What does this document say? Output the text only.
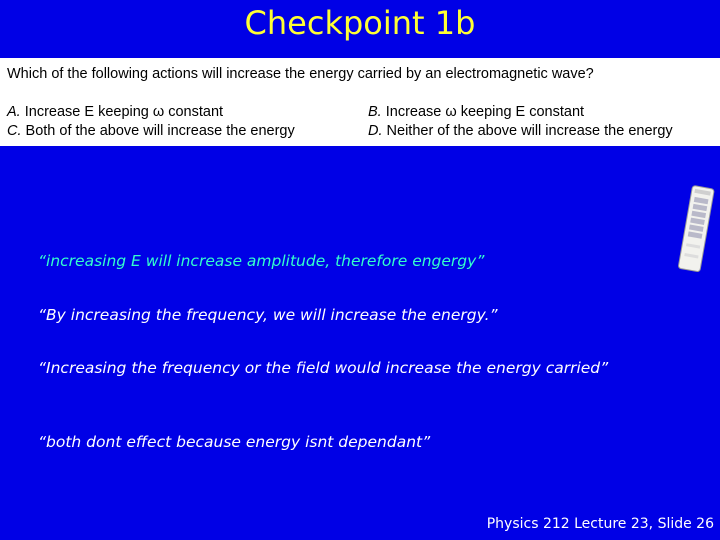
Checkpoint 1b
Which of the following actions will increase the energy carried by an electromagnetic wave?
A. Increase E keeping ω constant
C. Both of the above will increase the energy
B. Increase ω keeping E constant
D. Neither of the above will increase the energy
“increasing E will increase amplitude, therefore engergy”
“By increasing the frequency, we will increase the energy.”
“Increasing the frequency or the field would increase the energy carried”
“both dont effect because energy isnt dependant”
Physics 212 Lecture 23, Slide 26
